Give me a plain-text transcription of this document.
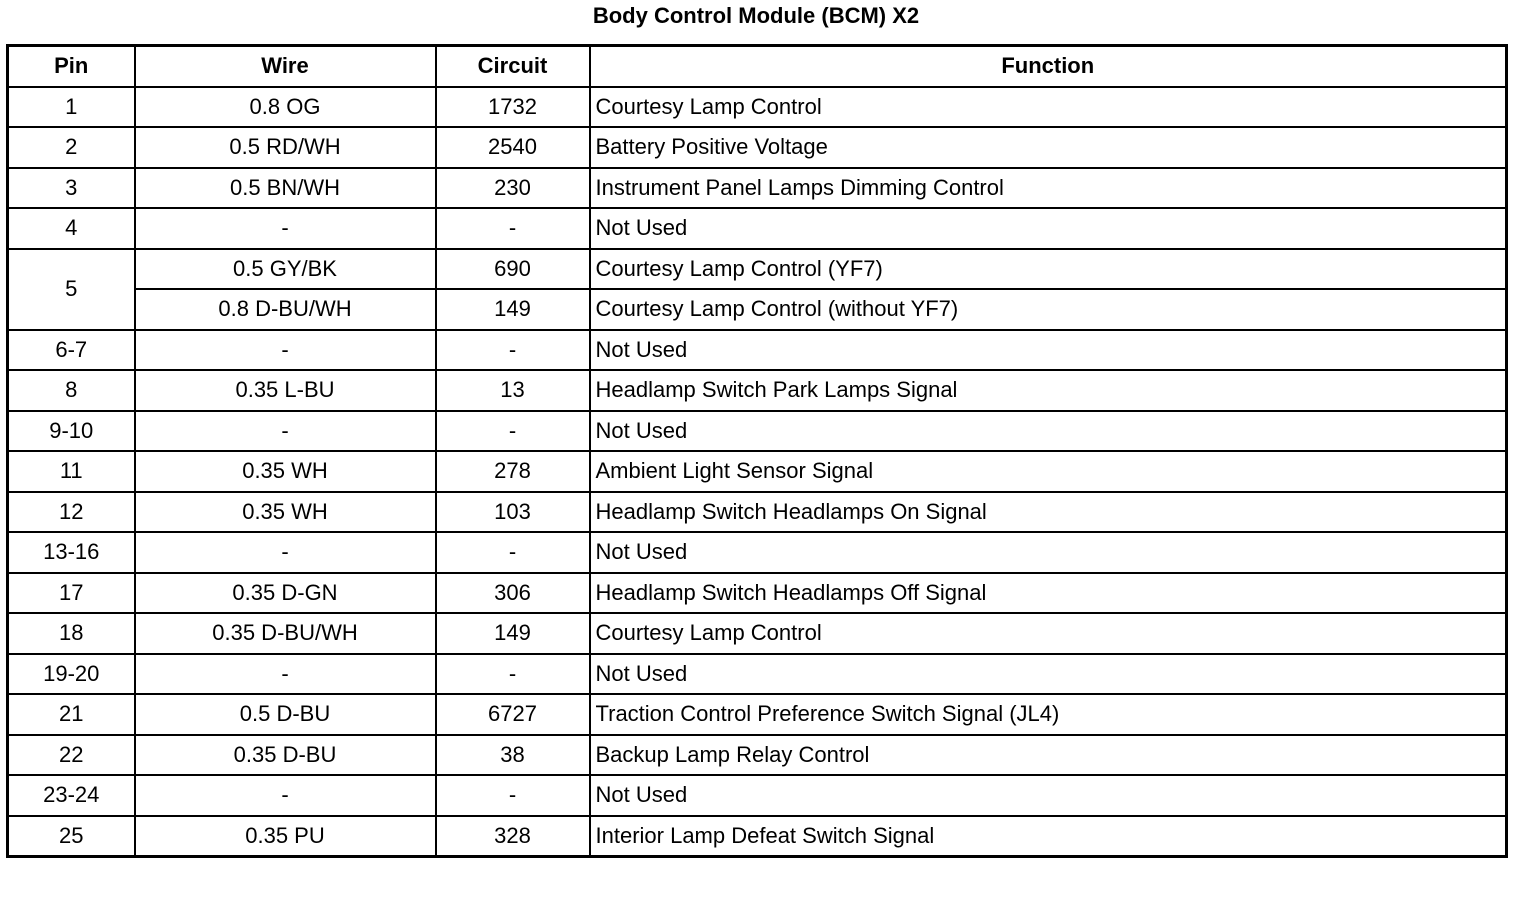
Body Control Module (BCM) X2
Pin	Wire	Circuit	Function
1	0.8 OG	1732	Courtesy Lamp Control
2	0.5 RD/WH	2540	Battery Positive Voltage
3	0.5 BN/WH	230	Instrument Panel Lamps Dimming Control
4	-	-	Not Used
5	0.5 GY/BK	690	Courtesy Lamp Control (YF7)
	0.8 D-BU/WH	149	Courtesy Lamp Control (without YF7)
6-7	-	-	Not Used
8	0.35 L-BU	13	Headlamp Switch Park Lamps Signal
9-10	-	-	Not Used
11	0.35 WH	278	Ambient Light Sensor Signal
12	0.35 WH	103	Headlamp Switch Headlamps On Signal
13-16	-	-	Not Used
17	0.35 D-GN	306	Headlamp Switch Headlamps Off Signal
18	0.35 D-BU/WH	149	Courtesy Lamp Control
19-20	-	-	Not Used
21	0.5 D-BU	6727	Traction Control Preference Switch Signal (JL4)
22	0.35 D-BU	38	Backup Lamp Relay Control
23-24	-	-	Not Used
25	0.35 PU	328	Interior Lamp Defeat Switch Signal
